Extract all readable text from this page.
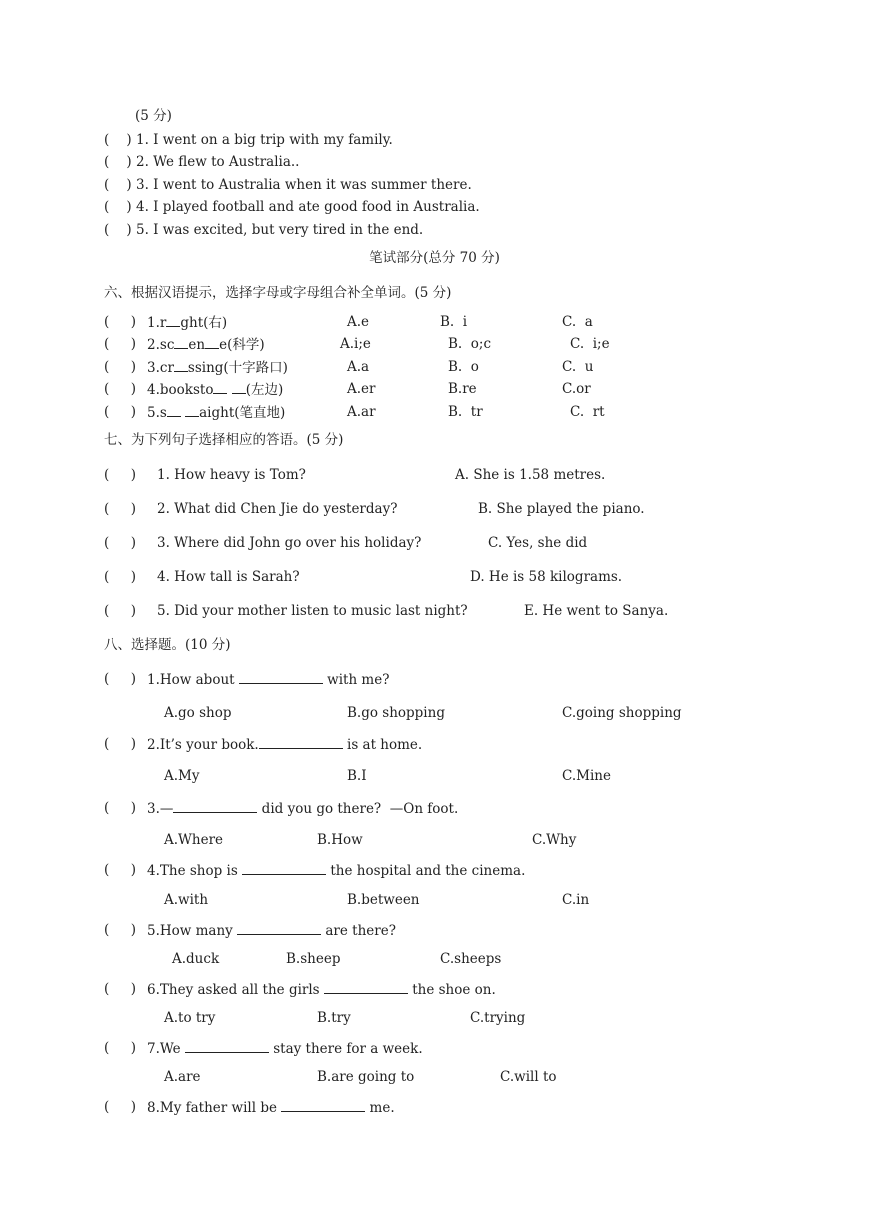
(5 分)
(    ) 1. I went on a big trip with my family.
(    ) 2. We flew to Australia..
(    ) 3. I went to Australia when it was summer there.
(    ) 4. I played football and ate good food in Australia.
(    ) 5. I was excited, but very tired in the end.
笔试部分(总分 70 分)
六、根据汉语提示，选择字母或字母组合补全单词。(5 分)
(     ) 1.r ght(右)	A.e	B.  i	C.  a
(     ) 2.sc en e(科学)	A.i;e	B.  o;c	C.  i;e
(     ) 3.cr ssing(十字路口)	A.a	B.  o	C.  u
(     ) 4.booksto (左边)	A.er	B.re	C.or
(     ) 5.s aight(笔直地)	A.ar	B.  tr	C.  rt
七、为下列句子选择相应的答语。(5 分)
(     ) 1. How heavy is Tom?	A. She is 1.58 metres.
(     ) 2. What did Chen Jie do yesterday?	B. She played the piano.
(     ) 3. Where did John go over his holiday?	C. Yes, she did
(     ) 4. How tall is Sarah?	D. He is 58 kilograms.
(     ) 5. Did your mother listen to music last night?	E. He went to Sanya.
八、选择题。(10 分)
(     ) 1.How about	with me?
A.go shop	B.go shopping	C.going shopping
(     ) 2.It’s your book.	is at home.
A.My	B.I	C.Mine
(     ) 3.—	did you go there?  —On foot.
A.Where	B.How	C.Why
(     ) 4.The shop is	the hospital and the cinema.
A.with	B.between	C.in
(     ) 5.How many	are there?
A.duck	B.sheep	C.sheeps
(     ) 6.They asked all the girls	the shoe on.
A.to try	B.try	C.trying
(     ) 7.We	stay there for a week.
A.are	B.are going to	C.will to
(     ) 8.My father will be	me.
